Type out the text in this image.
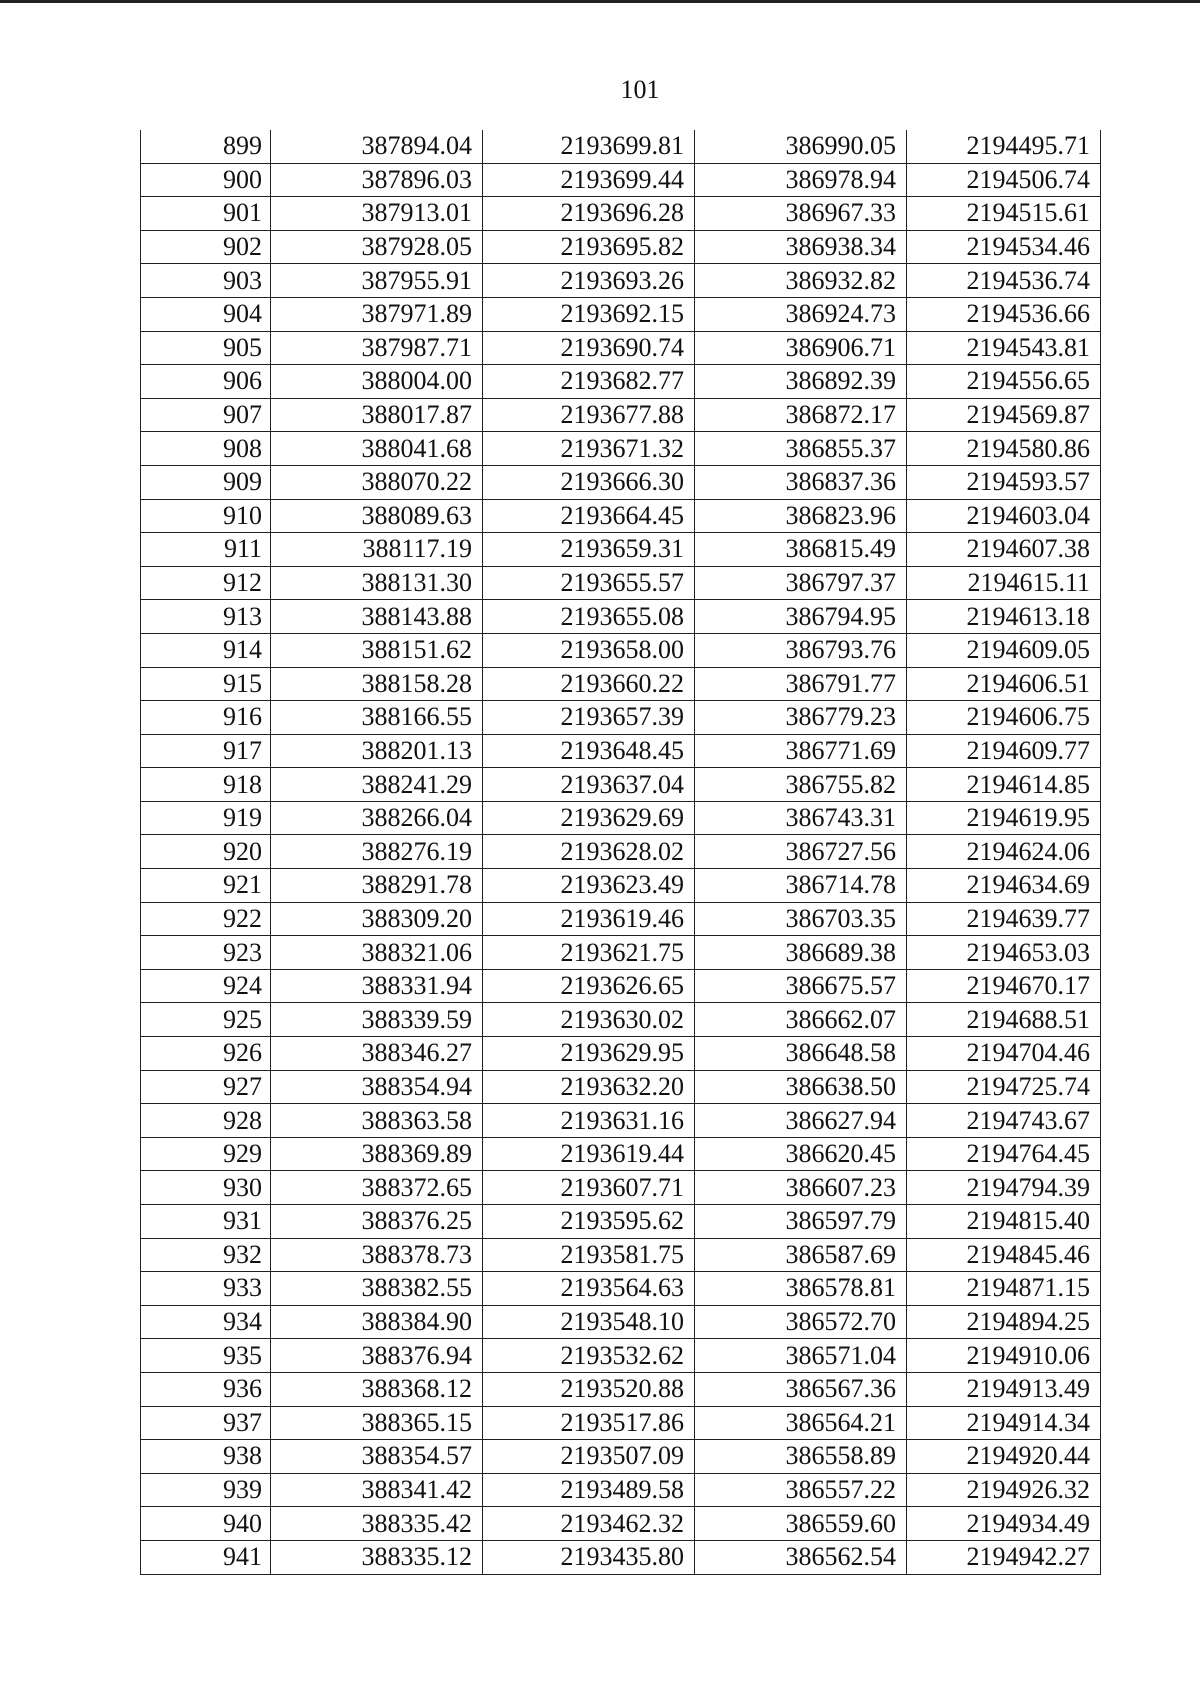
101
899	387894.04	2193699.81	386990.05	2194495.71
900	387896.03	2193699.44	386978.94	2194506.74
901	387913.01	2193696.28	386967.33	2194515.61
902	387928.05	2193695.82	386938.34	2194534.46
903	387955.91	2193693.26	386932.82	2194536.74
904	387971.89	2193692.15	386924.73	2194536.66
905	387987.71	2193690.74	386906.71	2194543.81
906	388004.00	2193682.77	386892.39	2194556.65
907	388017.87	2193677.88	386872.17	2194569.87
908	388041.68	2193671.32	386855.37	2194580.86
909	388070.22	2193666.30	386837.36	2194593.57
910	388089.63	2193664.45	386823.96	2194603.04
911	388117.19	2193659.31	386815.49	2194607.38
912	388131.30	2193655.57	386797.37	2194615.11
913	388143.88	2193655.08	386794.95	2194613.18
914	388151.62	2193658.00	386793.76	2194609.05
915	388158.28	2193660.22	386791.77	2194606.51
916	388166.55	2193657.39	386779.23	2194606.75
917	388201.13	2193648.45	386771.69	2194609.77
918	388241.29	2193637.04	386755.82	2194614.85
919	388266.04	2193629.69	386743.31	2194619.95
920	388276.19	2193628.02	386727.56	2194624.06
921	388291.78	2193623.49	386714.78	2194634.69
922	388309.20	2193619.46	386703.35	2194639.77
923	388321.06	2193621.75	386689.38	2194653.03
924	388331.94	2193626.65	386675.57	2194670.17
925	388339.59	2193630.02	386662.07	2194688.51
926	388346.27	2193629.95	386648.58	2194704.46
927	388354.94	2193632.20	386638.50	2194725.74
928	388363.58	2193631.16	386627.94	2194743.67
929	388369.89	2193619.44	386620.45	2194764.45
930	388372.65	2193607.71	386607.23	2194794.39
931	388376.25	2193595.62	386597.79	2194815.40
932	388378.73	2193581.75	386587.69	2194845.46
933	388382.55	2193564.63	386578.81	2194871.15
934	388384.90	2193548.10	386572.70	2194894.25
935	388376.94	2193532.62	386571.04	2194910.06
936	388368.12	2193520.88	386567.36	2194913.49
937	388365.15	2193517.86	386564.21	2194914.34
938	388354.57	2193507.09	386558.89	2194920.44
939	388341.42	2193489.58	386557.22	2194926.32
940	388335.42	2193462.32	386559.60	2194934.49
941	388335.12	2193435.80	386562.54	2194942.27
